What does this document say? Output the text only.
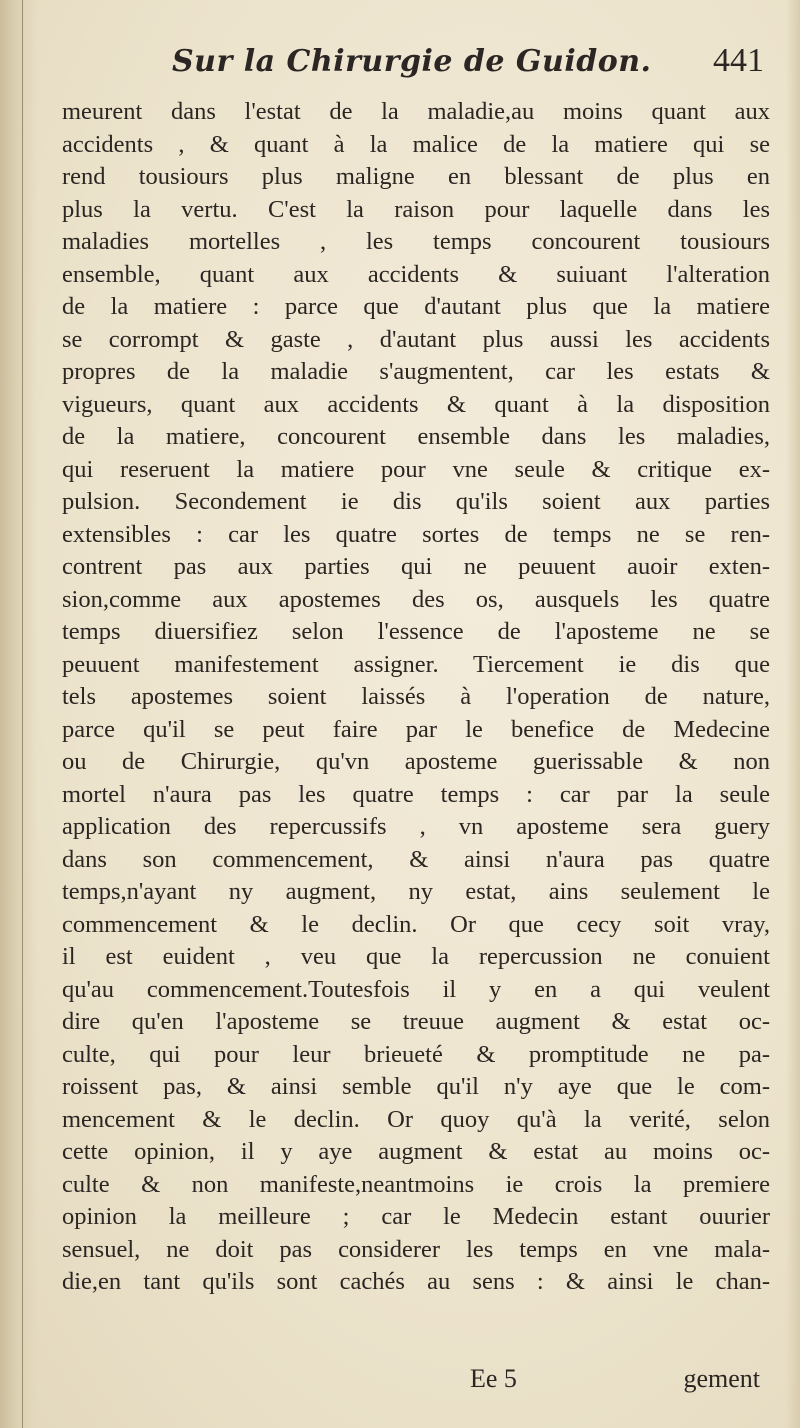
Sur la Chirurgie de Guidon. 441
meurent dans l'estat de la maladie,au moins quant aux
accidents , & quant à la malice de la matiere qui se
rend tousiours plus maligne en blessant de plus en
plus la vertu. C'est la raison pour laquelle dans les
maladies mortelles , les temps concourent tousiours
ensemble, quant aux accidents & suiuant l'alteration
de la matiere : parce que d'autant plus que la matiere
se corrompt & gaste , d'autant plus aussi les accidents
propres de la maladie s'augmentent, car les estats &
vigueurs, quant aux accidents & quant à la disposition
de la matiere, concourent ensemble dans les maladies,
qui reseruent la matiere pour vne seule & critique ex-
pulsion. Secondement ie dis qu'ils soient aux parties
extensibles : car les quatre sortes de temps ne se ren-
contrent pas aux parties qui ne peuuent auoir exten-
sion,comme aux apostemes des os, ausquels les quatre
temps diuersifiez selon l'essence de l'aposteme ne se
peuuent manifestement assigner. Tiercement ie dis que
tels apostemes soient laissés à l'operation de nature,
parce qu'il se peut faire par le benefice de Medecine
ou de Chirurgie, qu'vn aposteme guerissable & non
mortel n'aura pas les quatre temps : car par la seule
application des repercussifs , vn aposteme sera guery
dans son commencement, & ainsi n'aura pas quatre
temps,n'ayant ny augment, ny estat, ains seulement le
commencement & le declin. Or que cecy soit vray,
il est euident , veu que la repercussion ne conuient
qu'au commencement.Toutesfois il y en a qui veulent
dire qu'en l'aposteme se treuue augment & estat oc-
culte, qui pour leur brieueté & promptitude ne pa-
roissent pas, & ainsi semble qu'il n'y aye que le com-
mencement & le declin. Or quoy qu'à la verité, selon
cette opinion, il y aye augment & estat au moins oc-
culte & non manifeste,neantmoins ie crois la premiere
opinion la meilleure ; car le Medecin estant ouurier
sensuel, ne doit pas considerer les temps en vne mala-
die,en tant qu'ils sont cachés au sens : & ainsi le chan-
Ee 5	gement
